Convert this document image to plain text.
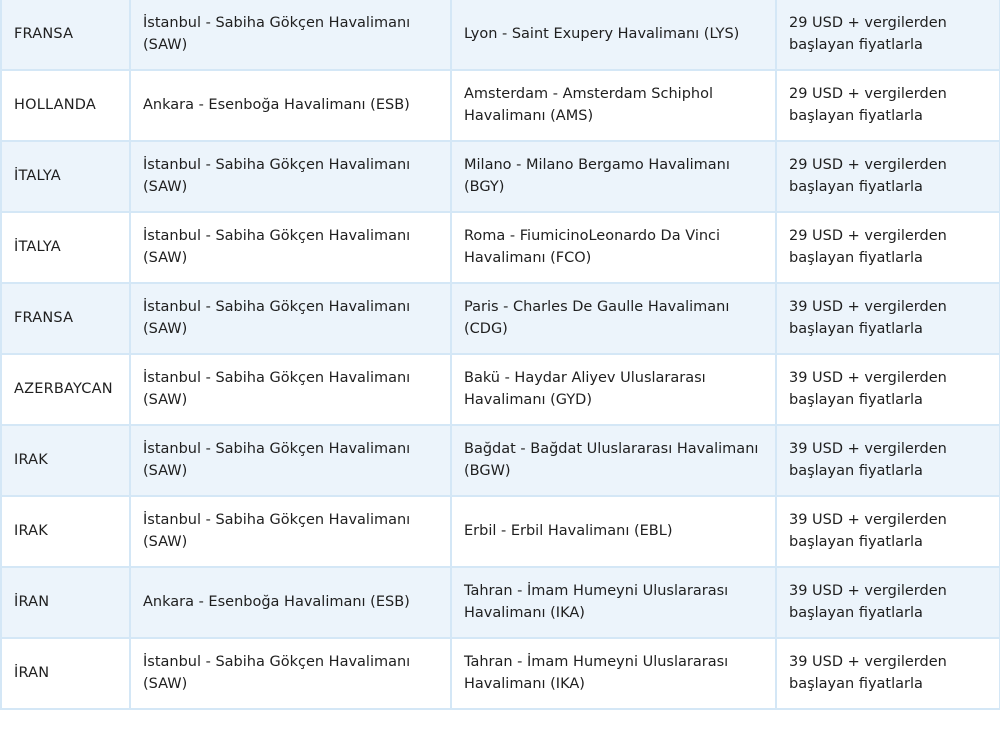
FRANSA	İstanbul - Sabiha Gökçen Havalimanı (SAW)	Lyon - Saint Exupery Havalimanı (LYS)	29 USD + vergilerden başlayan fiyatlarla
HOLLANDA	Ankara - Esenboğa Havalimanı (ESB)	Amsterdam - Amsterdam Schiphol Havalimanı (AMS)	29 USD + vergilerden başlayan fiyatlarla
İTALYA	İstanbul - Sabiha Gökçen Havalimanı (SAW)	Milano - Milano Bergamo Havalimanı (BGY)	29 USD + vergilerden başlayan fiyatlarla
İTALYA	İstanbul - Sabiha Gökçen Havalimanı (SAW)	Roma - FiumicinoLeonardo Da Vinci Havalimanı (FCO)	29 USD + vergilerden başlayan fiyatlarla
FRANSA	İstanbul - Sabiha Gökçen Havalimanı (SAW)	Paris - Charles De Gaulle Havalimanı (CDG)	39 USD + vergilerden başlayan fiyatlarla
AZERBAYCAN	İstanbul - Sabiha Gökçen Havalimanı (SAW)	Bakü - Haydar Aliyev Uluslararası Havalimanı (GYD)	39 USD + vergilerden başlayan fiyatlarla
IRAK	İstanbul - Sabiha Gökçen Havalimanı (SAW)	Bağdat - Bağdat Uluslararası Havalimanı (BGW)	39 USD + vergilerden başlayan fiyatlarla
IRAK	İstanbul - Sabiha Gökçen Havalimanı (SAW)	Erbil - Erbil Havalimanı (EBL)	39 USD + vergilerden başlayan fiyatlarla
İRAN	Ankara - Esenboğa Havalimanı (ESB)	Tahran - İmam Humeyni Uluslararası Havalimanı (IKA)	39 USD + vergilerden başlayan fiyatlarla
İRAN	İstanbul - Sabiha Gökçen Havalimanı (SAW)	Tahran - İmam Humeyni Uluslararası Havalimanı (IKA)	39 USD + vergilerden başlayan fiyatlarla
